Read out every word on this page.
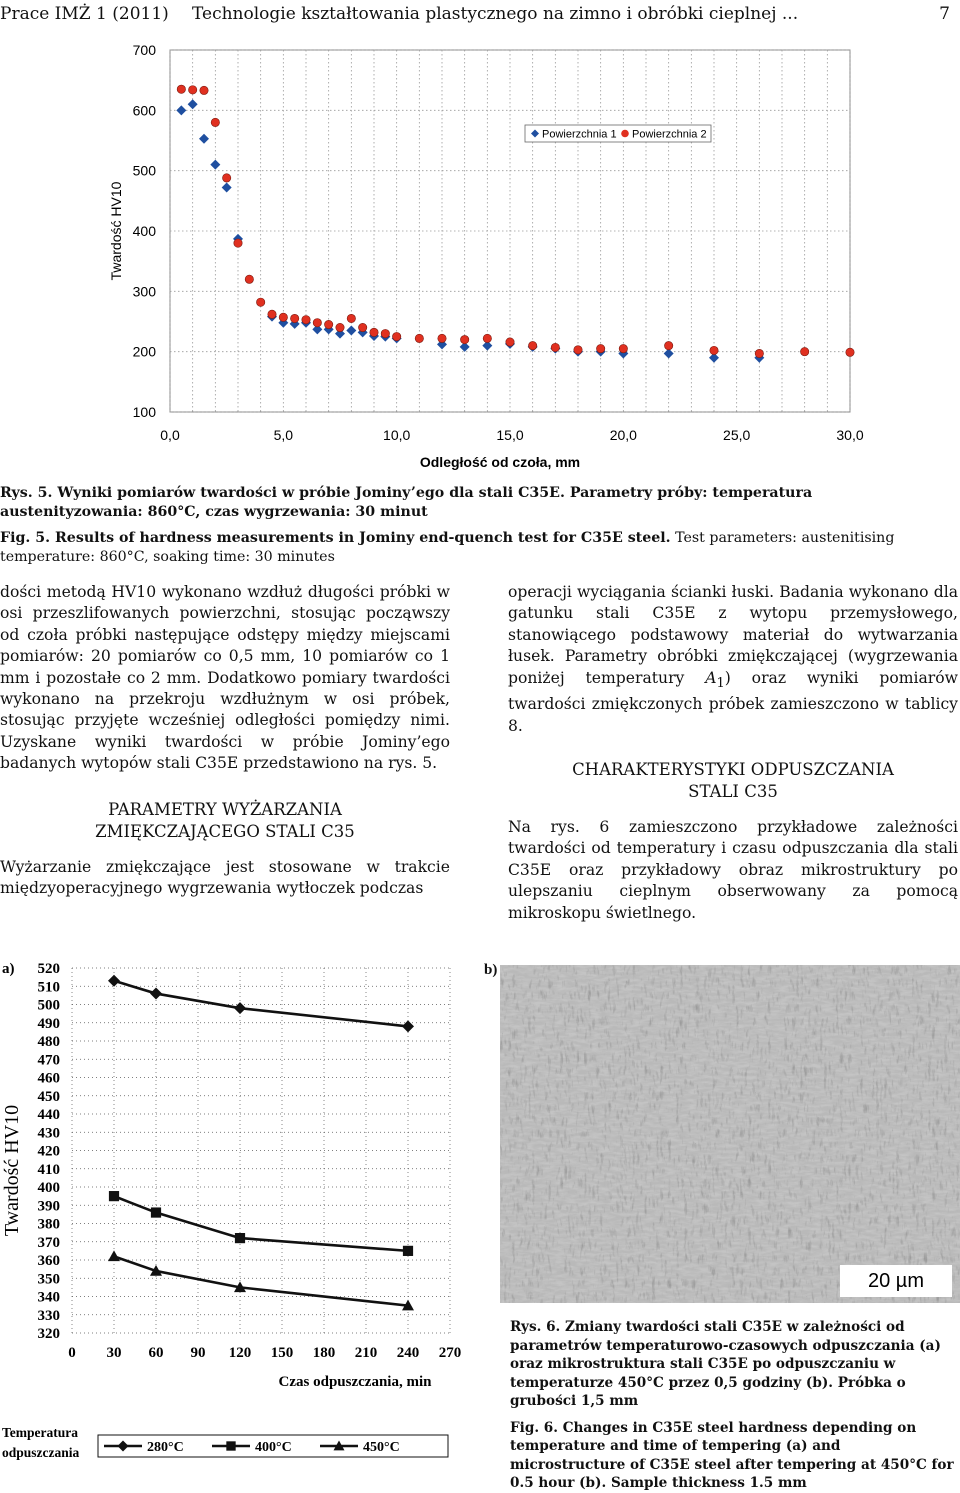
Prace IMŻ 1 (2011) Technologie kształtowania plastycznego na zimno i obróbki cieplnej ...	7
100
200
300
400
500
600
700
0,0	5,0	10,0	15,0	20,0	25,0	30,0
Twardość HV10
Odległość od czoła, mm
Powierzchnia 1 Powierzchnia 2
Rys. 5. Wyniki pomiarów twardości w próbie Jominy’ego dla stali C35E. Parametry próby: temperatura austenityzowania: 860°C, czas wygrzewania: 30 minut
Fig. 5. Results of hardness measurements in Jominy end-quench test for C35E steel. Test parameters: austenitising temperature: 860°C, soaking time: 30 minutes

dości metodą HV10 wykonano wzdłuż długości próbki w osi przeszlifowanych powierzchni, stosując począwszy od czoła próbki następujące odstępy między miejscami pomiarów: 20 pomiarów co 0,5 mm, 10 pomiarów co 1 mm i pozostałe co 2 mm. Dodatkowo pomiary twardości wykonano na przekroju wzdłużnym w osi próbek, stosując przyjęte wcześniej odległości pomiędzy nimi. Uzyskane wyniki twardości w próbie Jominy’ego badanych wytopów stali C35E przedstawiono na rys. 5.

PARAMETRY WYŻARZANIA
ZMIĘKCZAJĄCEGO STALI C35

Wyżarzanie zmiękczające jest stosowane w trakcie międzyoperacyjnego wygrzewania wytłoczek podczas

operacji wyciągania ścianki łuski. Badania wykonano dla gatunku stali C35E z wytopu przemysłowego, stanowiącego podstawowy materiał do wytwarzania łusek. Parametry obróbki zmiękczającej (wygrzewania poniżej temperatury $A_1$) oraz wyniki pomiarów twardości zmiękczonych próbek zamieszczono w tablicy 8.

CHARAKTERYSTYKI ODPUSZCZANIA
STALI C35

Na rys. 6 zamieszczono przykładowe zależności twardości od temperatury i czasu odpuszczania dla stali C35E oraz przykładowy obraz mikrostruktury po ulepszaniu cieplnym obserwowany za pomocą mikroskopu świetlnego.

a)
0 30 60 90 120 150 180 210 240 270
320
330
340
350
360
370
380
390
400
410
420
430
440
450
460
470
480
490
500
510
520
Twardość HV10
Czas odpuszczania, min
Temperatura
odpuszczania	280°C	400°C	450°C
b)
20 µm
Rys. 6. Zmiany twardości stali C35E w zależności od parametrów temperaturowo-czasowych odpuszczania (a) oraz mikrostruktura stali C35E po odpuszczaniu w temperaturze 450°C przez 0,5 godziny (b). Próbka o grubości 1,5 mm
Fig. 6. Changes in C35E steel hardness depending on temperature and time of tempering (a) and microstructure of C35E steel after tempering at 450°C for 0.5 hour (b). Sample thickness 1.5 mm
